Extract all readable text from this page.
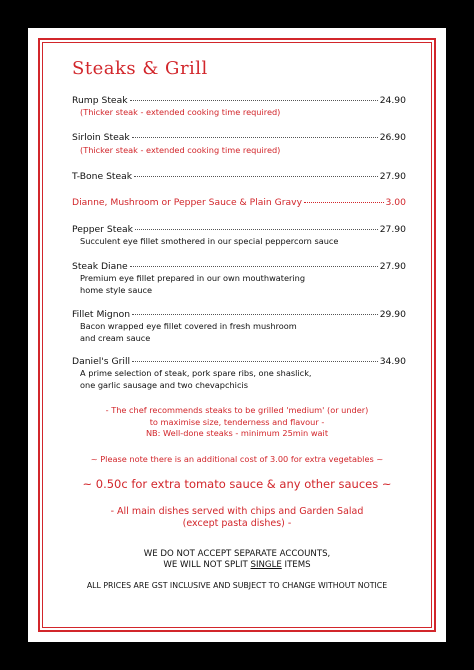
Steaks & Grill
Rump Steak	24.90
(Thicker steak - extended cooking time required)
Sirloin Steak	26.90
(Thicker steak - extended cooking time required)
T-Bone Steak	27.90
Dianne, Mushroom or Pepper Sauce & Plain Gravy	3.00
Pepper Steak	27.90
Succulent eye fillet smothered in our special peppercorn sauce
Steak Diane	27.90
Premium eye fillet prepared in our own mouthwatering
home style sauce
Fillet Mignon	29.90
Bacon wrapped eye fillet covered in fresh mushroom
and cream sauce
Daniel's Grill	34.90
A prime selection of steak, pork spare ribs, one shaslick,
one garlic sausage and two chevapchicis
- The chef recommends steaks to be grilled 'medium' (or under)
to maximise size, tenderness and flavour -
NB: Well-done steaks - minimum 25min wait
~ Please note there is an additional cost of 3.00 for extra vegetables ~
~ 0.50c for extra tomato sauce & any other sauces ~
- All main dishes served with chips and Garden Salad
(except pasta dishes) -
WE DO NOT ACCEPT SEPARATE ACCOUNTS,
WE WILL NOT SPLIT SINGLE ITEMS
ALL PRICES ARE GST INCLUSIVE AND SUBJECT TO CHANGE WITHOUT NOTICE
